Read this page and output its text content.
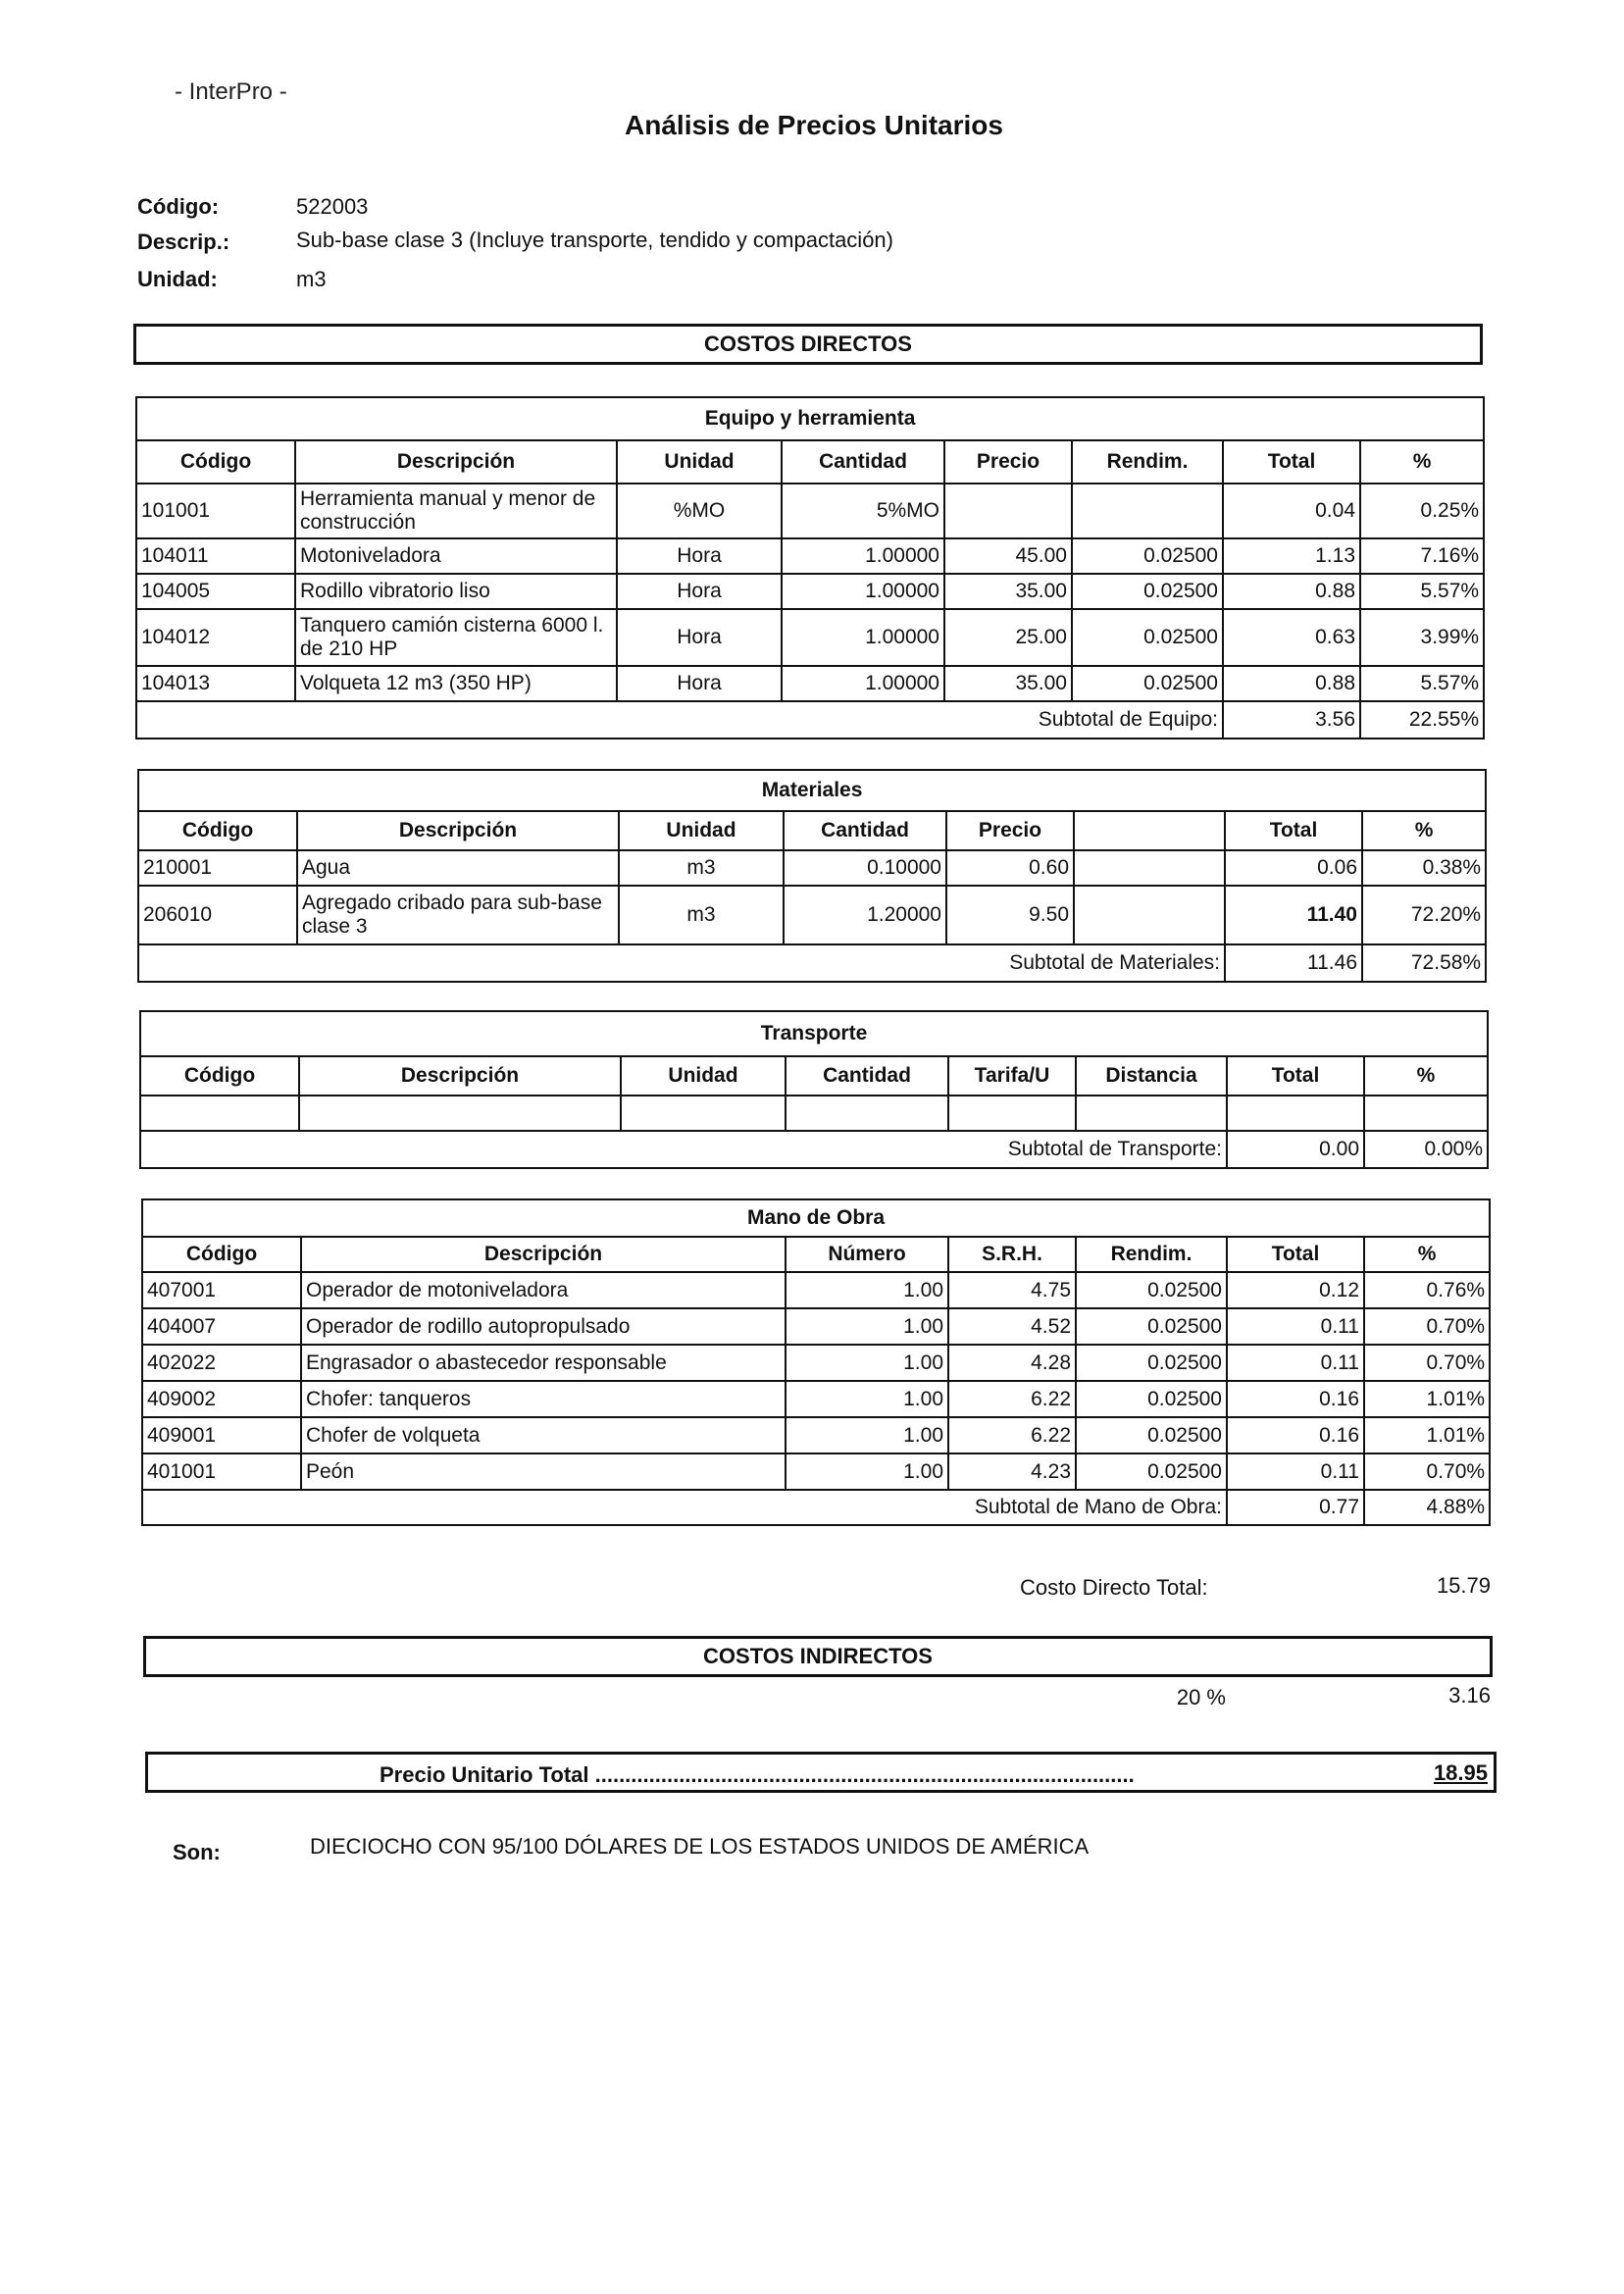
- InterPro -
Análisis de Precios Unitarios
Código:	522003
Descrip.:	Sub-base clase 3 (Incluye transporte, tendido y compactación)
Unidad:	m3
COSTOS DIRECTOS
Equipo y herramienta							
Código	Descripción	Unidad	Cantidad	Precio	Rendim.	Total	%
101001	Herramienta manual y menor de construcción	%MO	5%MO			0.04	0.25%
104011	Motoniveladora	Hora	1.00000	45.00	0.02500	1.13	7.16%
104005	Rodillo vibratorio liso	Hora	1.00000	35.00	0.02500	0.88	5.57%
104012	Tanquero camión cisterna 6000 l. de 210 HP	Hora	1.00000	25.00	0.02500	0.63	3.99%
104013	Volqueta 12 m3 (350 HP)	Hora	1.00000	35.00	0.02500	0.88	5.57%
Subtotal de Equipo:						3.56	22.55%
Materiales							
Código	Descripción	Unidad	Cantidad	Precio		Total	%
210001	Agua	m3	0.10000	0.60		0.06	0.38%
206010	Agregado cribado para sub-base clase 3	m3	1.20000	9.50		11.40	72.20%
Subtotal de Materiales:						11.46	72.58%
Transporte							
Código	Descripción	Unidad	Cantidad	Tarifa/U	Distancia	Total	%

Subtotal de Transporte:						0.00	0.00%
Mano de Obra						
Código	Descripción	Número	S.R.H.	Rendim.	Total	%
407001	Operador de motoniveladora	1.00	4.75	0.02500	0.12	0.76%
404007	Operador de rodillo autopropulsado	1.00	4.52	0.02500	0.11	0.70%
402022	Engrasador o abastecedor responsable	1.00	4.28	0.02500	0.11	0.70%
409002	Chofer: tanqueros	1.00	6.22	0.02500	0.16	1.01%
409001	Chofer de volqueta	1.00	6.22	0.02500	0.16	1.01%
401001	Peón	1.00	4.23	0.02500	0.11	0.70%
Subtotal de Mano de Obra:					0.77	4.88%
Costo Directo Total:	15.79
COSTOS INDIRECTOS
20 %	3.16
Precio Unitario Total ..........................................................................................	18.95
Son:	DIECIOCHO CON 95/100 DÓLARES DE LOS ESTADOS UNIDOS DE AMÉRICA
